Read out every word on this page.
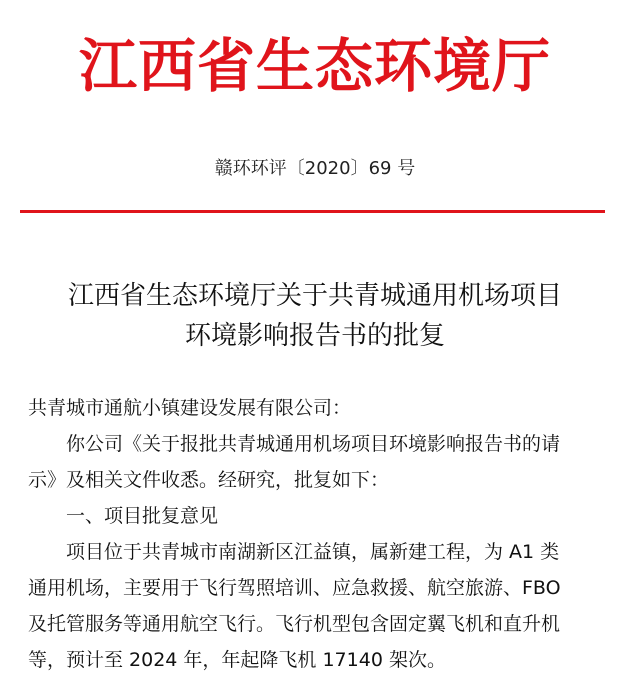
江西省生态环境厅
赣环环评〔2020〕69 号
江西省生态环境厅关于共青城通用机场项目
环境影响报告书的批复

共青城市通航小镇建设发展有限公司：

你公司《关于报批共青城通用机场项目环境影响报告书的请

示》及相关文件收悉。经研究，批复如下：

一、项目批复意见

项目位于共青城市南湖新区江益镇，属新建工程，为 A1 类

通用机场，主要用于飞行驾照培训、应急救援、航空旅游、FBO

及托管服务等通用航空飞行。飞行机型包含固定翼飞机和直升机

等，预计至 2024 年，年起降飞机 17140 架次。
